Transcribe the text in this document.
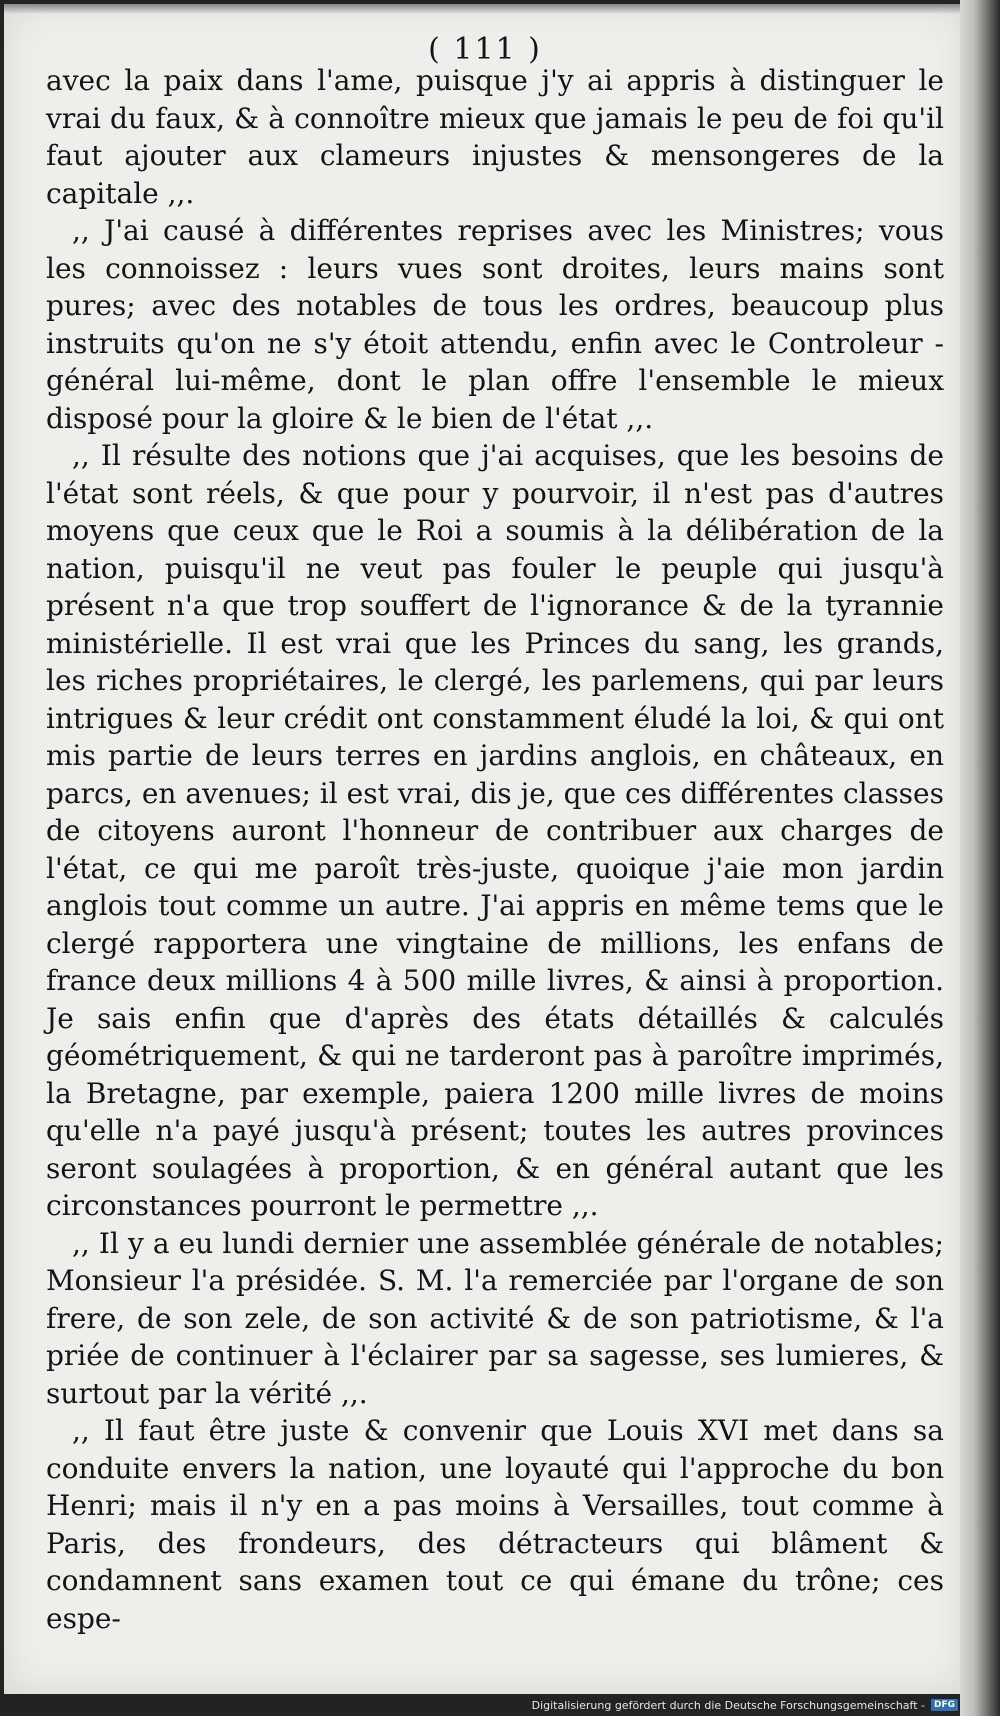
( 111 )

avec la paix dans l'ame, puisque j'y ai appris à distinguer le vrai du faux, & à connoître mieux que jamais le peu de foi qu'il faut ajouter aux clameurs injustes & mensongeres de la capitale ,,.

,, J'ai causé à différentes reprises avec les Ministres; vous les connoissez : leurs vues sont droites, leurs mains sont pures; avec des notables de tous les ordres, beaucoup plus instruits qu'on ne s'y étoit attendu, enfin avec le Controleur - général lui-même, dont le plan offre l'ensemble le mieux disposé pour la gloire & le bien de l'état ,,.

,, Il résulte des notions que j'ai acquises, que les besoins de l'état sont réels, & que pour y pourvoir, il n'est pas d'autres moyens que ceux que le Roi a soumis à la délibération de la nation, puisqu'il ne veut pas fouler le peuple qui jusqu'à présent n'a que trop souffert de l'ignorance & de la tyrannie ministérielle. Il est vrai que les Princes du sang, les grands, les riches propriétaires, le clergé, les parlemens, qui par leurs intrigues & leur crédit ont constamment éludé la loi, & qui ont mis partie de leurs terres en jardins anglois, en châteaux, en parcs, en avenues; il est vrai, dis je, que ces différentes classes de citoyens auront l'honneur de contribuer aux charges de l'état, ce qui me paroît très-juste, quoique j'aie mon jardin anglois tout comme un autre. J'ai appris en même tems que le clergé rapportera une vingtaine de millions, les enfans de france deux millions 4 à 500 mille livres, & ainsi à proportion. Je sais enfin que d'après des états détaillés & calculés géométriquement, & qui ne tarderont pas à paroître imprimés, la Bretagne, par exemple, paiera 1200 mille livres de moins qu'elle n'a payé jusqu'à présent; toutes les autres provinces seront soulagées à proportion, & en général autant que les circonstances pourront le permettre ,,.

,, Il y a eu lundi dernier une assemblée générale de notables; Monsieur l'a présidée. S. M. l'a remerciée par l'organe de son frere, de son zele, de son activité & de son patriotisme, & l'a priée de continuer à l'éclairer par sa sagesse, ses lumieres, & surtout par la vérité ,,.

,, Il faut être juste & convenir que Louis XVI met dans sa conduite envers la nation, une loyauté qui l'approche du bon Henri; mais il n'y en a pas moins à Versailles, tout comme à Paris, des frondeurs, des détracteurs qui blâment & condamnent sans examen tout ce qui émane du trône; ces espe-

Digitalisierung gefördert durch die Deutsche Forschungsgemeinschaft -	DFG
